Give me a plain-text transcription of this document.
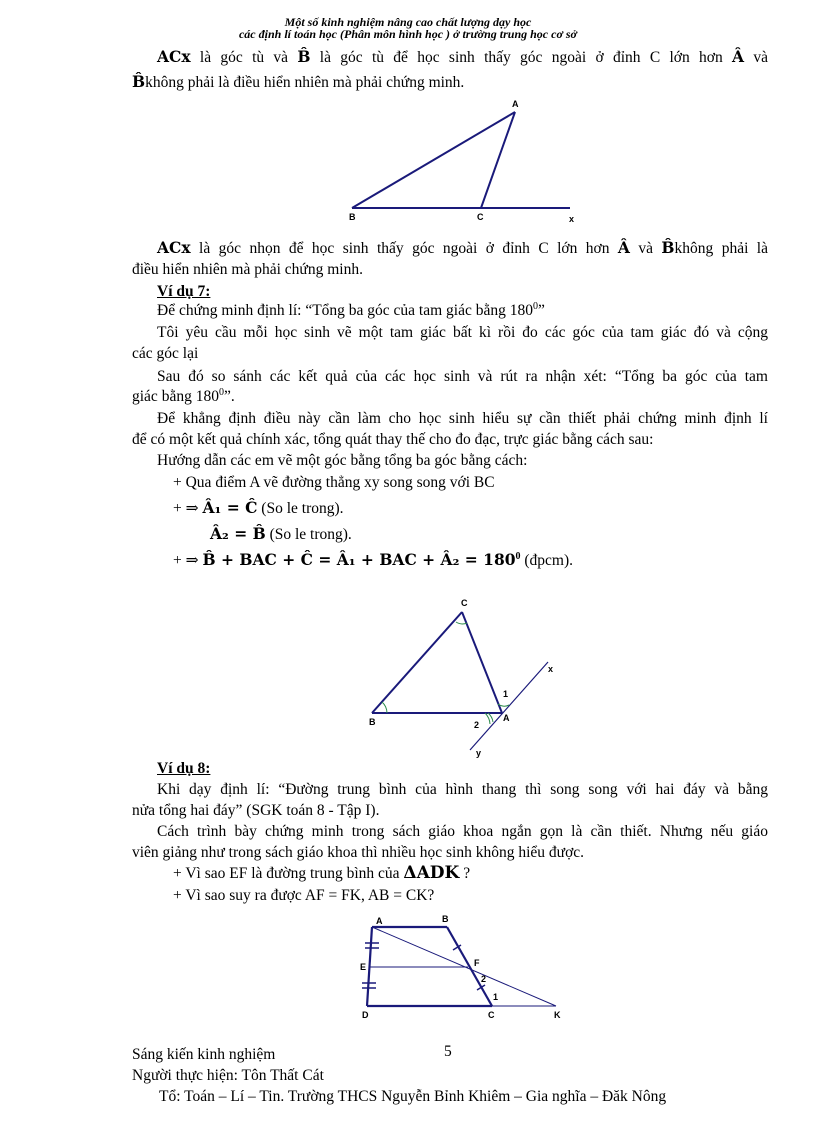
Một số kinh nghiệm nâng cao chất lượng dạy học
các định lí toán học (Phân môn hình học ) ở trường trung học cơ sở

ACx là góc tù và B̂ là góc tù để học sinh thấy góc ngoài ở đỉnh C lớn hơn Â và

B̂không phải là điều hiển nhiên mà phải chứng minh.

A
B	C	x

ACx là góc nhọn để học sinh thấy góc ngoài ở đỉnh C lớn hơn Â và B̂không phải là

điều hiển nhiên mà phải chứng minh.

Ví dụ 7:

Để chứng minh định lí: “Tổng ba góc của tam giác bằng $180^0$”

Tôi yêu cầu mỗi học sinh vẽ một tam giác bất kì rồi đo các góc của tam giác đó và cộng

các góc lại

Sau đó so sánh các kết quả của các học sinh và rút ra nhận xét: “Tổng ba góc của tam

giác bằng $180^0$”.

Để khẳng định điều này cần làm cho học sinh hiểu sự cần thiết phải chứng minh định lí

để có một kết quả chính xác, tổng quát thay thế cho đo đạc, trực giác bằng cách sau:

Hướng dẫn các em vẽ một góc bằng tổng ba góc bằng cách:

+ Qua điểm A vẽ đường thẳng xy song song với BC

+ ⇒ Â₁ = Ĉ (So le trong).

Â₂ = B̂ (So le trong).

+ ⇒ B̂ + BAC + Ĉ = Â₁ + BAC + Â₂ = $180^0$ (đpcm).

C
B	A
x
y
1
2

Ví dụ 8:

Khi dạy định lí: “Đường trung bình của hình thang thì song song với hai đáy và bằng

nửa tổng hai đáy” (SGK toán 8 - Tập I).

Cách trình bày chứng minh trong sách giáo khoa ngắn gọn là cần thiết. Nhưng nếu giáo

viên giảng như trong sách giáo khoa thì nhiều học sinh không hiểu được.

+ Vì sao EF là đường trung bình của ΔADK ?

+ Vì sao suy ra được AF = FK, AB = CK?

A	B
E	F
2
1
D	C	K
Sáng kiến kinh nghiệm	5
Người thực hiện: Tôn Thất Cát
Tổ: Toán – Lí – Tin. Trường THCS Nguyễn Bỉnh Khiêm – Gia nghĩa – Đăk Nông
